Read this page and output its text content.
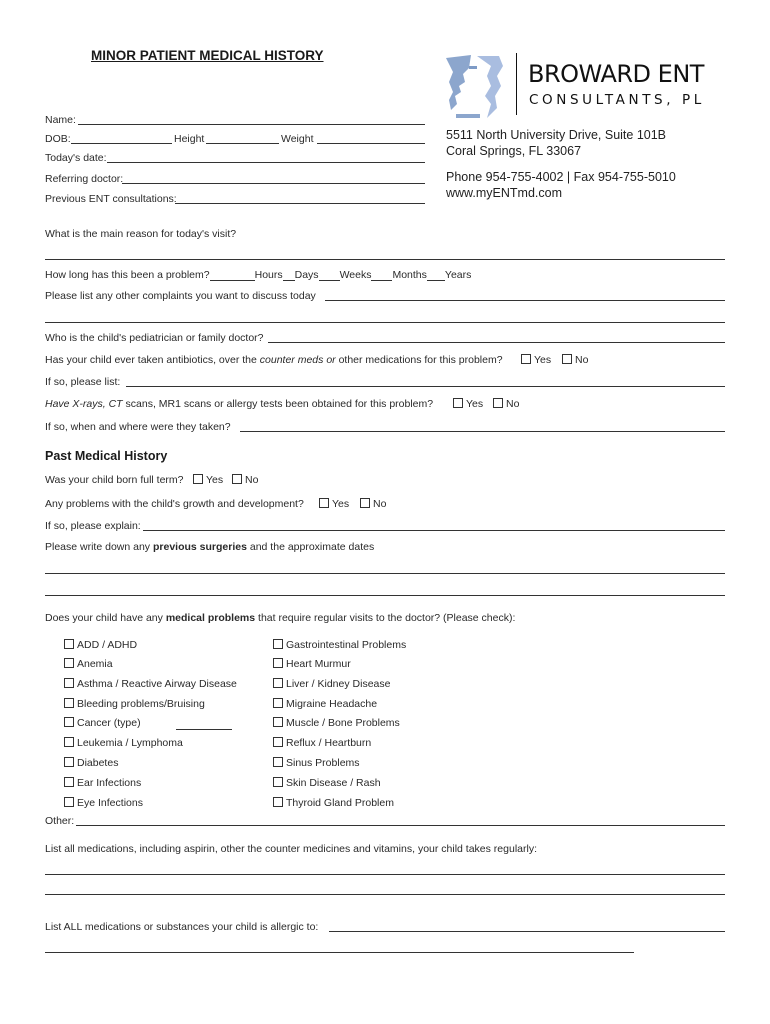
MINOR PATIENT MEDICAL HISTORY
BROWARD ENT
CONSULTANTS, PL
5511 North University Drive, Suite 101B
Coral Springs, FL 33067
Phone 954-755-4002 | Fax 954-755-5010
www.myENTmd.com
Name:
DOB:	Height	Weight
Today's date:
Referring doctor:
Previous ENT consultations:
What is the main reason for today's visit?
How long has this been a problem?	Hours Days Weeks Months Years
Please list any other complaints you want to discuss today
Who is the child's pediatrician or family doctor?
Has your child ever taken antibiotics, over the counter meds or other medications for this problem?	Yes	No
If so, please list:
Have X-rays, CT scans, MR1 scans or allergy tests been obtained for this problem?	Yes	No
If so, when and where were they taken?
Past Medical History
Was your child born full term?	Yes	No
Any problems with the child's growth and development?	Yes	No
If so, please explain:
Please write down any previous surgeries and the approximate dates
Does your child have any medical problems that require regular visits to the doctor? (Please check):
ADD / ADHD
Anemia
Asthma / Reactive Airway Disease
Bleeding problems/Bruising
Cancer (type)
Leukemia / Lymphoma
Diabetes
Ear Infections
Eye Infections
Gastrointestinal Problems
Heart Murmur
Liver / Kidney Disease
Migraine Headache
Muscle / Bone Problems
Reflux / Heartburn
Sinus Problems
Skin Disease / Rash
Thyroid Gland Problem
Other:
List all medications, including aspirin, other the counter medicines and vitamins, your child takes regularly:
List ALL medications or substances your child is allergic to:
